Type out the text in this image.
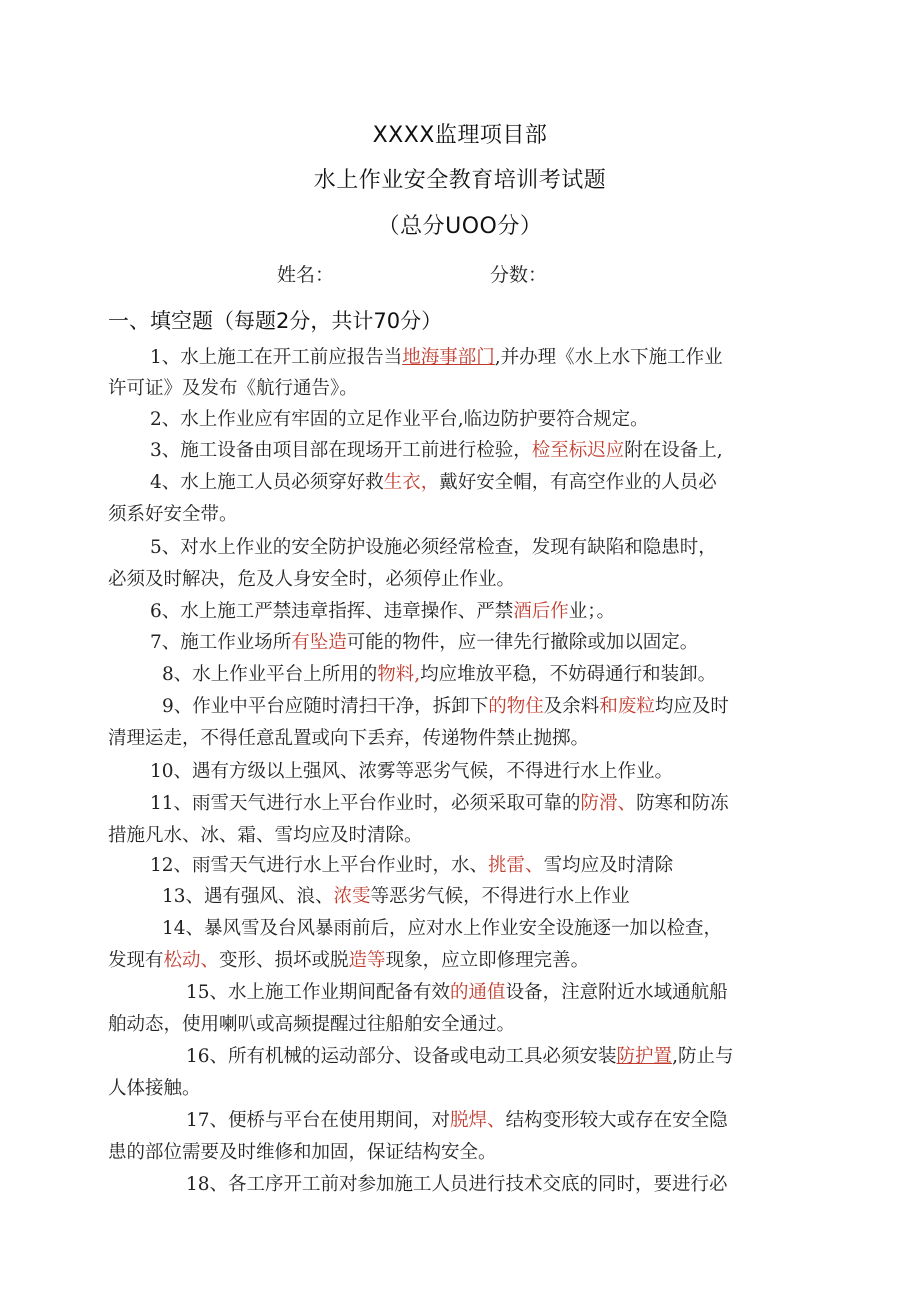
XXXX监理项目部
水上作业安全教育培训考试题
（总分UOO分）
姓名：	分数：
一、填空题（每题2分，共计70分）
1、水上施工在开工前应报告当地海事部门,并办理《水上水下施工作业
许可证》及发布《航行通告》。
2、水上作业应有牢固的立足作业平台,临边防护要符合规定。
3、施工设备由项目部在现场开工前进行检验，检至标迟应附在设备上,
4、水上施工人员必须穿好救生衣，戴好安全帽，有高空作业的人员必
须系好安全带。
5、对水上作业的安全防护设施必须经常检查，发现有缺陷和隐患时，
必须及时解决，危及人身安全时，必须停止作业。
6、水上施工严禁违章指挥、违章操作、严禁酒后作业；。
7、施工作业场所有坠造可能的物件，应一律先行撤除或加以固定。
8、水上作业平台上所用的物料,均应堆放平稳，不妨碍通行和装卸。
9、作业中平台应随时清扫干净，拆卸下的物住及余料和废粒均应及时
清理运走，不得任意乱置或向下丢弃，传递物件禁止抛掷。
10、遇有方级以上强风、浓雾等恶劣气候，不得进行水上作业。
11、雨雪天气进行水上平台作业时，必须采取可靠的防滑、防寒和防冻
措施凡水、冰、霜、雪均应及时清除。
12、雨雪天气进行水上平台作业时，水、挑雷、雪均应及时清除
13、遇有强风、浪、浓雯等恶劣气候，不得进行水上作业
14、暴风雪及台风暴雨前后，应对水上作业安全设施逐一加以检查，
发现有松动、变形、损坏或脱造等现象，应立即修理完善。
15、水上施工作业期间配备有效的通值设备，注意附近水域通航船
舶动态，使用喇叭或高频提醒过往船舶安全通过。
16、所有机械的运动部分、设备或电动工具必须安装防护置,防止与
人体接触。
17、便桥与平台在使用期间，对脱焊、结构变形较大或存在安全隐
患的部位需要及时维修和加固，保证结构安全。
18、各工序开工前对参加施工人员进行技术交底的同时，要进行必
